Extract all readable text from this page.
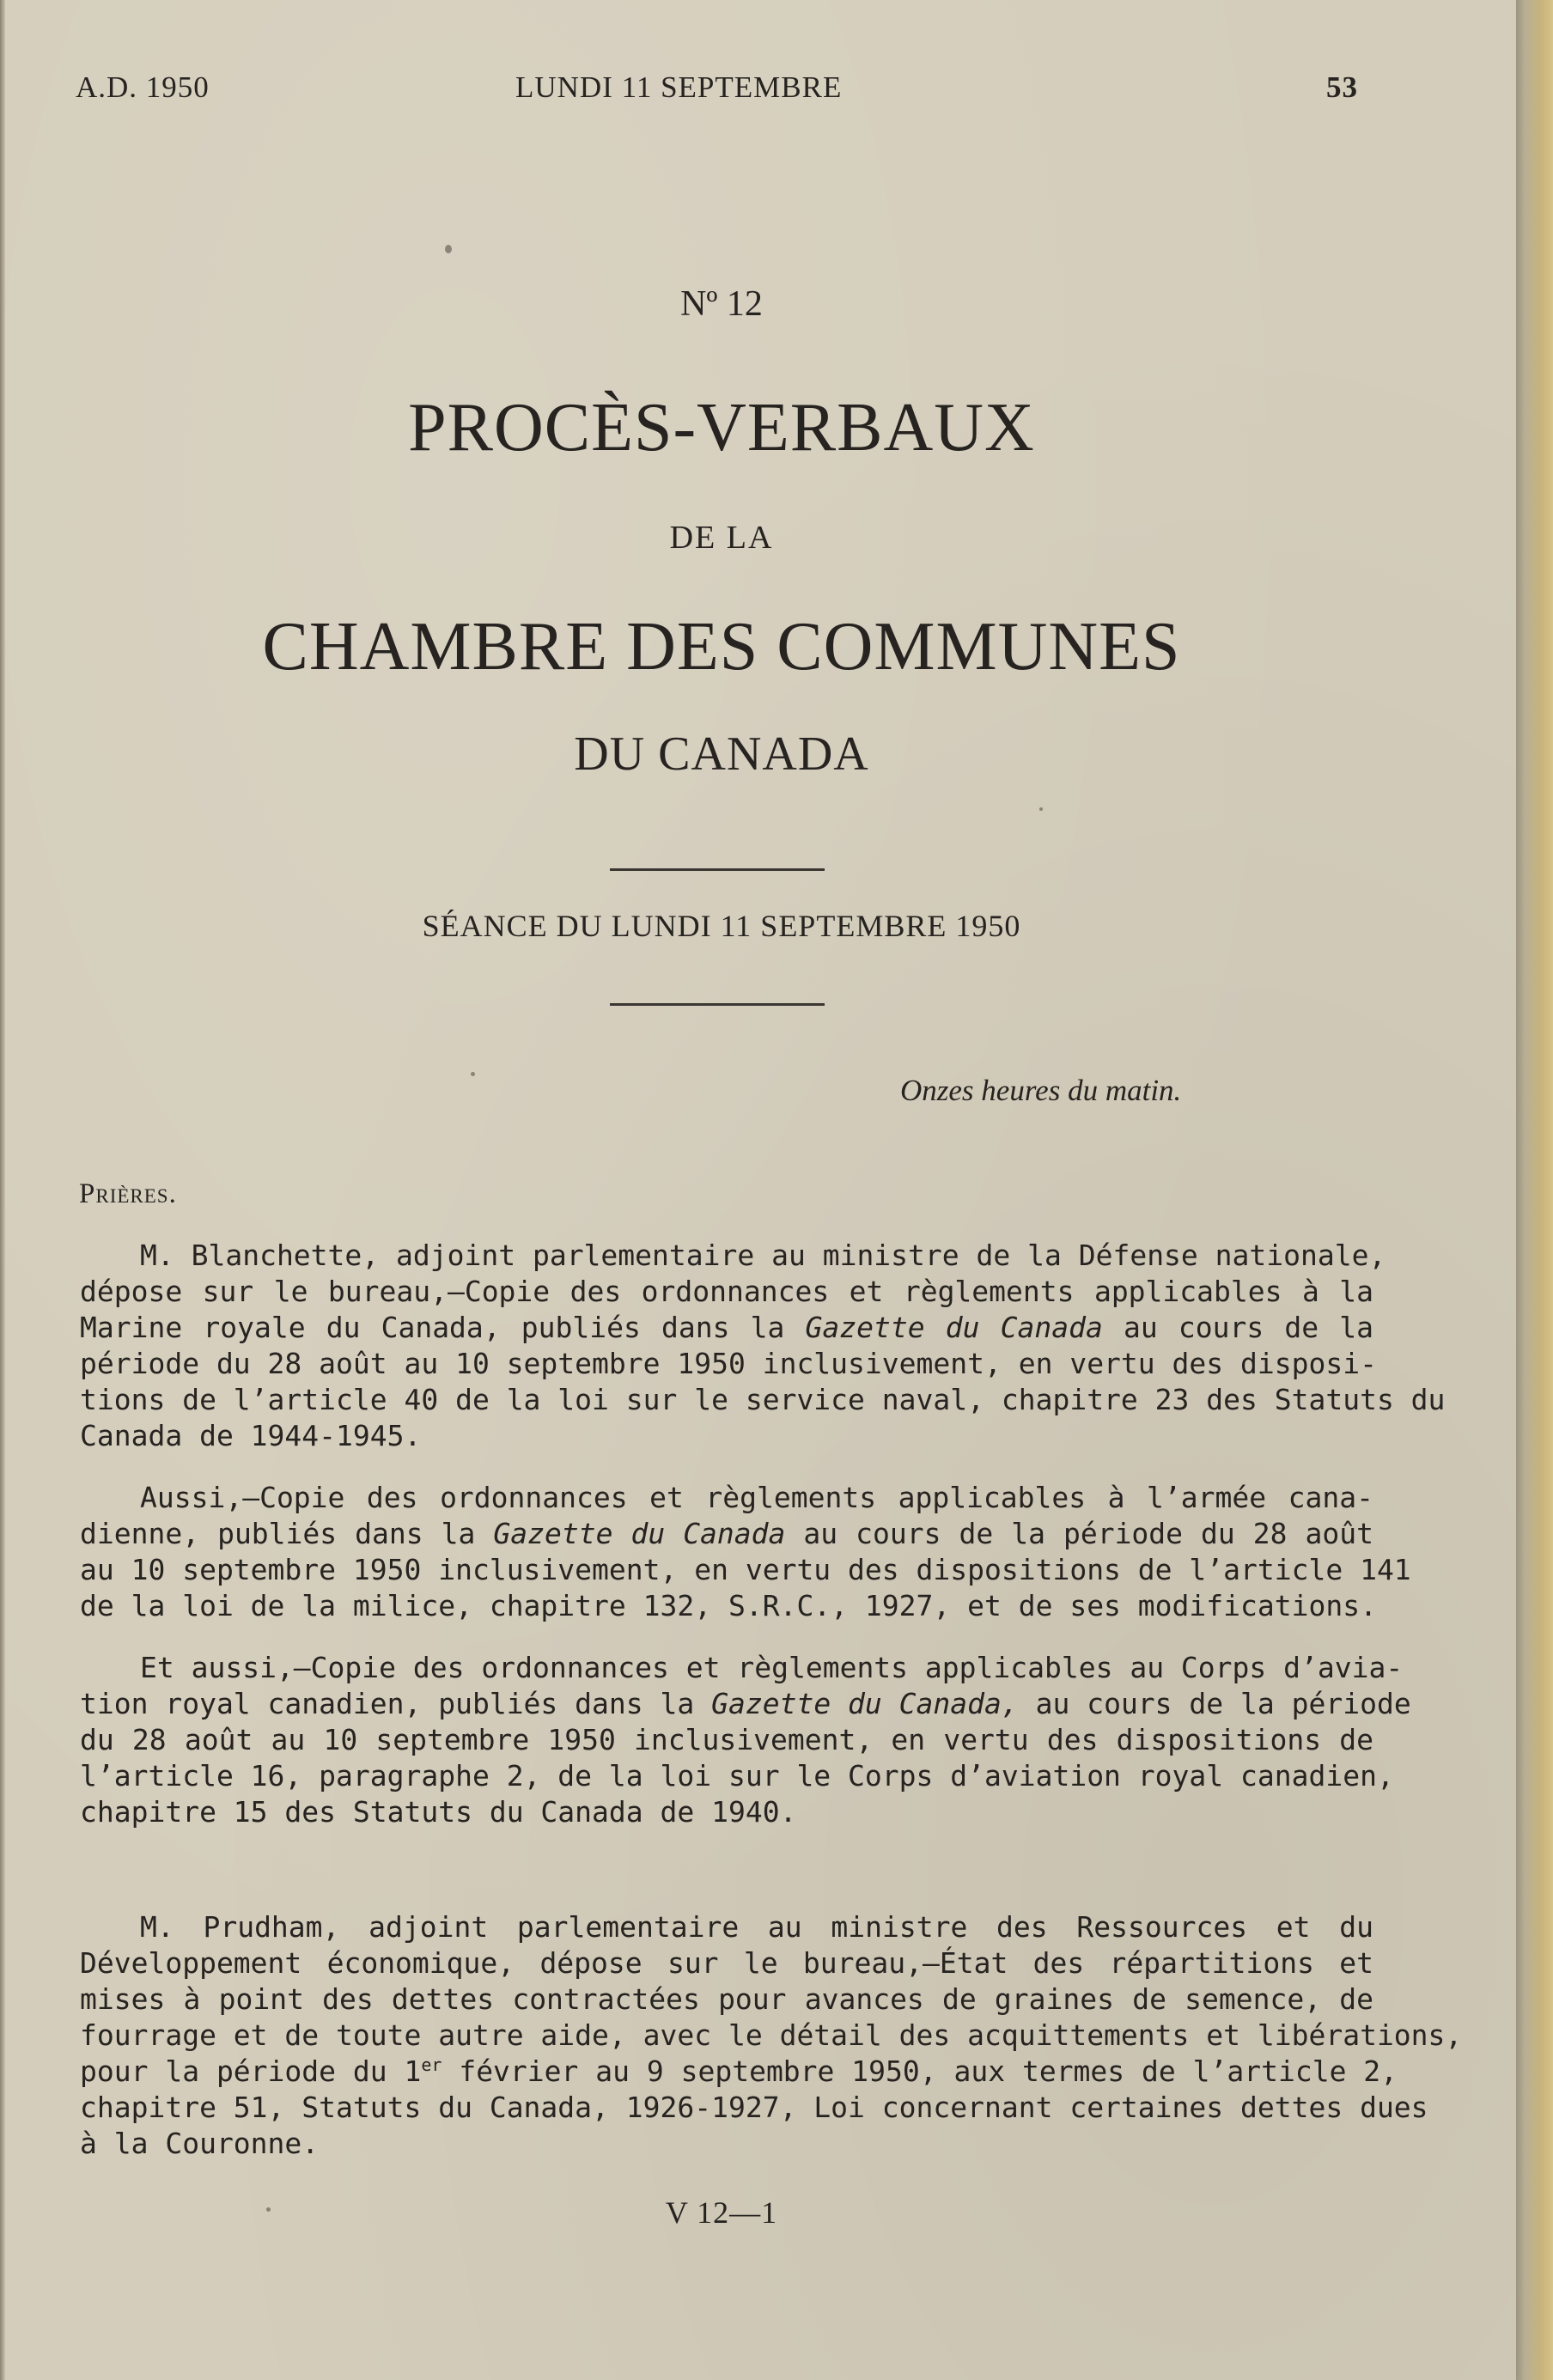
A.D. 1950	LUNDI 11 SEPTEMBRE	53
Nº 12
PROCÈS-VERBAUX
DE LA
CHAMBRE DES COMMUNES
DU CANADA
SÉANCE DU LUNDI 11 SEPTEMBRE 1950
Onzes heures du matin.
Prières.
M. Blanchette, adjoint parlementaire au ministre de la Défense nationale,
dépose sur le bureau,—Copie des ordonnances et règlements applicables à la
Marine royale du Canada, publiés dans la Gazette du Canada au cours de la
période du 28 août au 10 septembre 1950 inclusivement, en vertu des disposi-
tions de l’article 40 de la loi sur le service naval, chapitre 23 des Statuts du
Canada de 1944-1945.
Aussi,—Copie des ordonnances et règlements applicables à l’armée cana-
dienne, publiés dans la Gazette du Canada au cours de la période du 28 août
au 10 septembre 1950 inclusivement, en vertu des dispositions de l’article 141
de la loi de la milice, chapitre 132, S.R.C., 1927, et de ses modifications.
Et aussi,—Copie des ordonnances et règlements applicables au Corps d’avia-
tion royal canadien, publiés dans la Gazette du Canada, au cours de la période
du 28 août au 10 septembre 1950 inclusivement, en vertu des dispositions de
l’article 16, paragraphe 2, de la loi sur le Corps d’aviation royal canadien,
chapitre 15 des Statuts du Canada de 1940.
M. Prudham, adjoint parlementaire au ministre des Ressources et du
Développement économique, dépose sur le bureau,—État des répartitions et
mises à point des dettes contractées pour avances de graines de semence, de
fourrage et de toute autre aide, avec le détail des acquittements et libérations,
pour la période du 1er février au 9 septembre 1950, aux termes de l’article 2,
chapitre 51, Statuts du Canada, 1926-1927, Loi concernant certaines dettes dues
à la Couronne.
V 12—1
